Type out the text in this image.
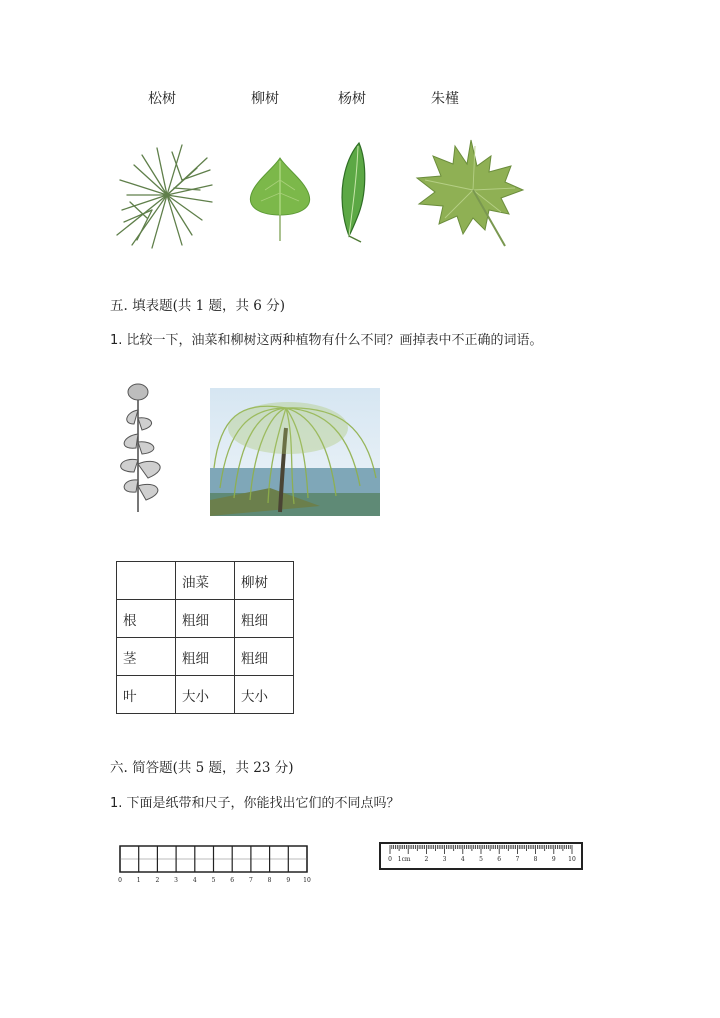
松树	柳树	杨树	朱槿
五. 填表题(共 1 题，共 6 分)
1. 比较一下，油菜和柳树这两种植物有什么不同？画掉表中不正确的词语。
	油菜	柳树
根	粗细	粗细
茎	粗细	粗细
叶	大小	大小
六. 简答题(共 5 题，共 23 分)
1. 下面是纸带和尺子，你能找出它们的不同点吗？
0 1 2 3 4 5 6 7 8 9 10
0 1cm 2 3 4 5 6 7 8 9 10
